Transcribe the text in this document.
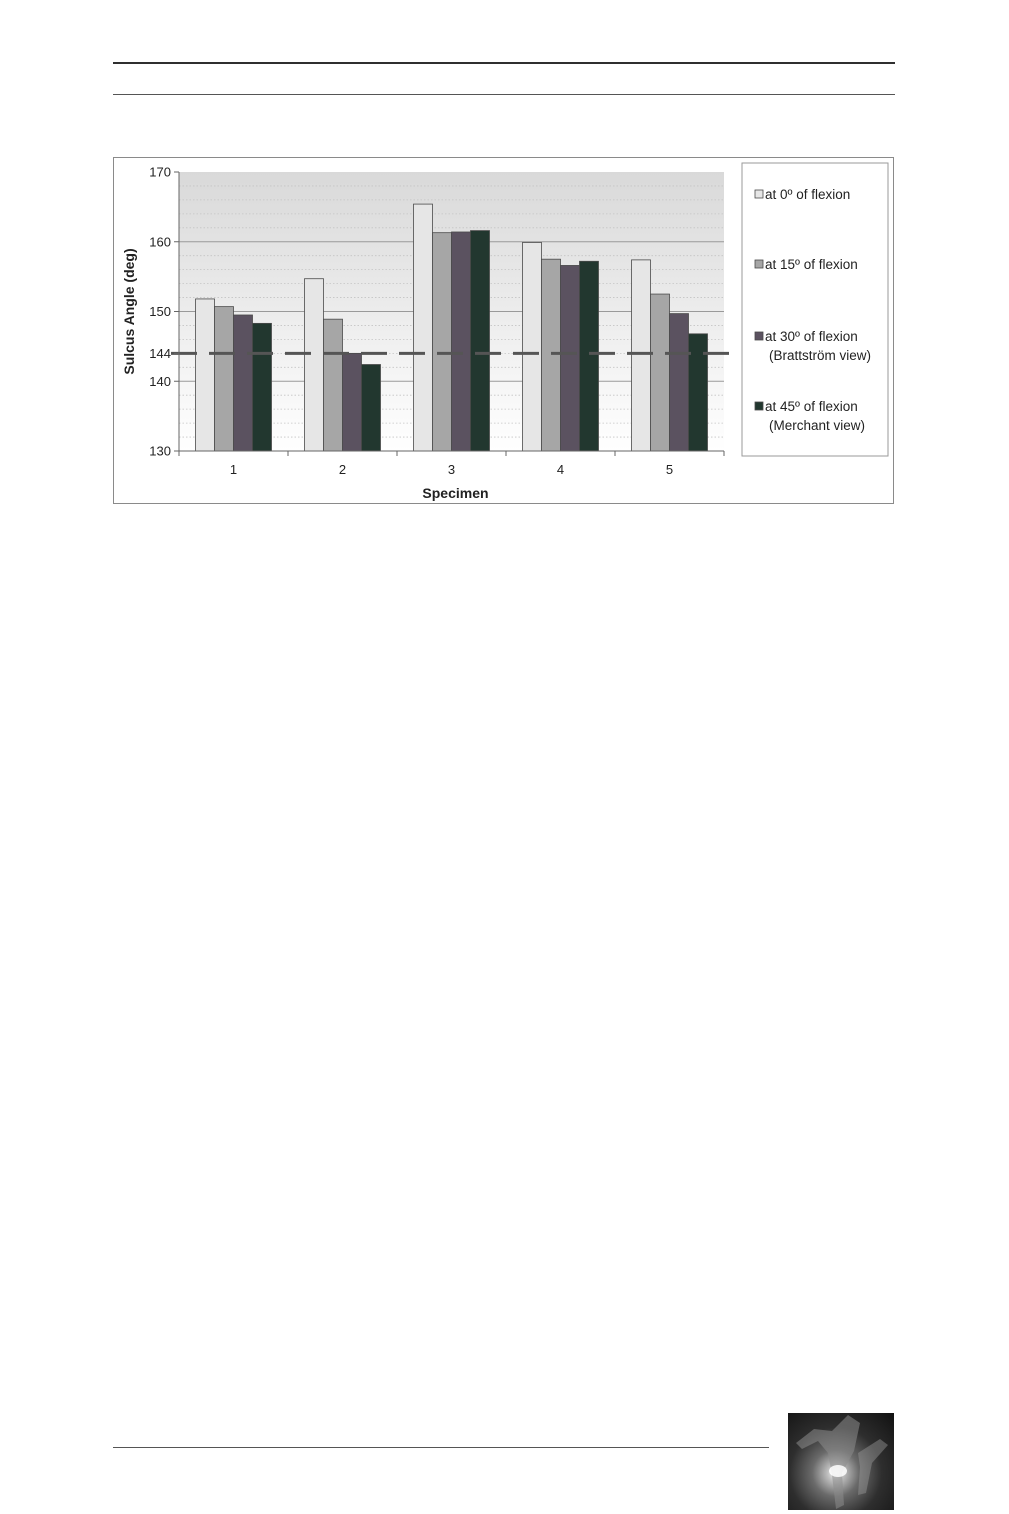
130
140
144
150
160
170
1	2	3	4	5
Sulcus Angle (deg)
Specimen
at 0º of flexion
at 15º of flexion
at 30º of flexion
(Brattström view)
at 45º of flexion
(Merchant view)
